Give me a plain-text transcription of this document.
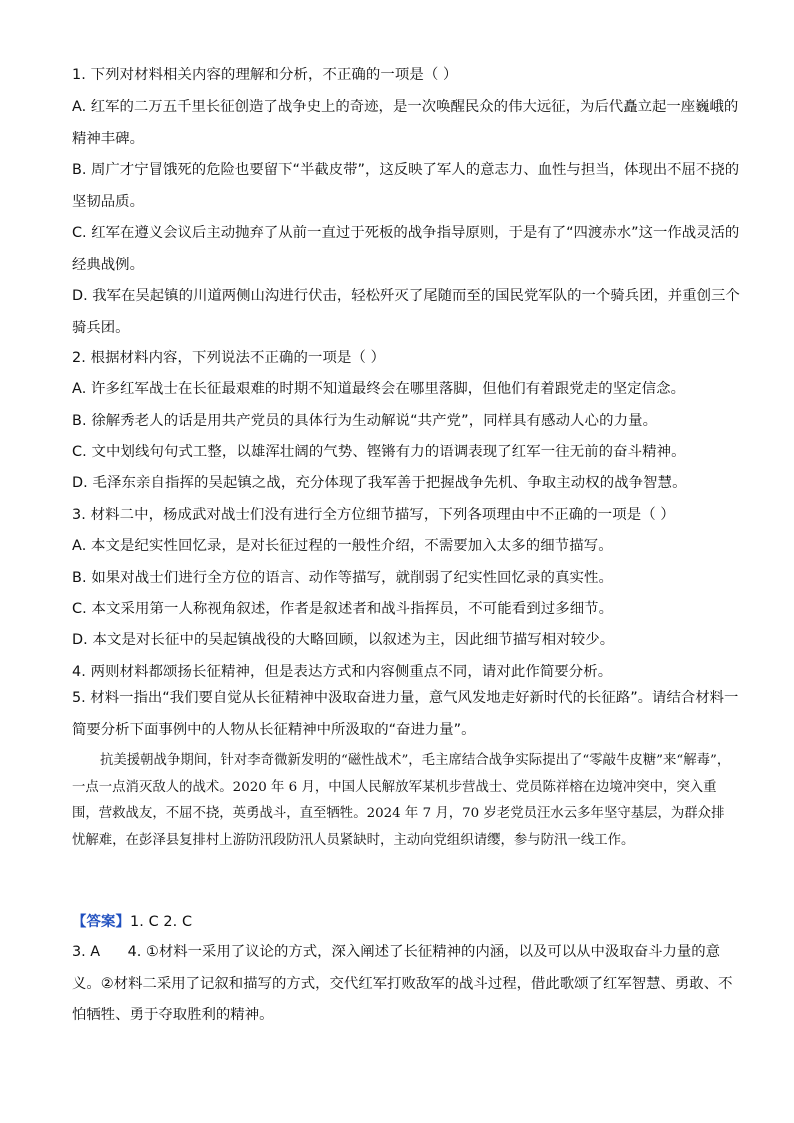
1. 下列对材料相关内容的理解和分析，不正确的一项是（ ）
A. 红军的二万五千里长征创造了战争史上的奇迹，是一次唤醒民众的伟大远征，为后代矗立起一座巍峨的精神丰碑。
B. 周广才宁冒饿死的危险也要留下“半截皮带”，这反映了军人的意志力、血性与担当，体现出不屈不挠的坚韧品质。
C. 红军在遵义会议后主动抛弃了从前一直过于死板的战争指导原则，于是有了“四渡赤水”这一作战灵活的经典战例。
D. 我军在吴起镇的川道两侧山沟进行伏击，轻松歼灭了尾随而至的国民党军队的一个骑兵团，并重创三个骑兵团。
2. 根据材料内容，下列说法不正确的一项是（ ）
A. 许多红军战士在长征最艰难的时期不知道最终会在哪里落脚，但他们有着跟党走的坚定信念。
B. 徐解秀老人的话是用共产党员的具体行为生动解说“共产党”，同样具有感动人心的力量。
C. 文中划线句句式工整，以雄浑壮阔的气势、铿锵有力的语调表现了红军一往无前的奋斗精神。
D. 毛泽东亲自指挥的吴起镇之战，充分体现了我军善于把握战争先机、争取主动权的战争智慧。
3. 材料二中，杨成武对战士们没有进行全方位细节描写，下列各项理由中不正确的一项是（ ）
A. 本文是纪实性回忆录，是对长征过程的一般性介绍，不需要加入太多的细节描写。
B. 如果对战士们进行全方位的语言、动作等描写，就削弱了纪实性回忆录的真实性。
C. 本文采用第一人称视角叙述，作者是叙述者和战斗指挥员，不可能看到过多细节。
D. 本文是对长征中的吴起镇战役的大略回顾，以叙述为主，因此细节描写相对较少。
4. 两则材料都颂扬长征精神，但是表达方式和内容侧重点不同，请对此作简要分析。
5. 材料一指出“我们要自觉从长征精神中汲取奋进力量，意气风发地走好新时代的长征路”。请结合材料一简要分析下面事例中的人物从长征精神中所汲取的“奋进力量”。
抗美援朝战争期间，针对李奇微新发明的“磁性战术”，毛主席结合战争实际提出了“零敲牛皮糖”来“解毒”，一点一点消灭敌人的战术。2020 年 6 月，中国人民解放军某机步营战士、党员陈祥榕在边境冲突中，突入重围，营救战友，不屈不挠，英勇战斗，直至牺牲。2024 年 7 月，70 岁老党员汪水云多年坚守基层，为群众排忧解难，在彭泽县复排村上游防汛段防汛人员紧缺时，主动向党组织请缨，参与防汛一线工作。
【答案】1. C 2. C
3. A 4. ①材料一采用了议论的方式，深入阐述了长征精神的内涵，以及可以从中汲取奋斗力量的意义。②材料二采用了记叙和描写的方式，交代红军打败敌军的战斗过程，借此歌颂了红军智慧、勇敢、不怕牺牲、勇于夺取胜利的精神。
